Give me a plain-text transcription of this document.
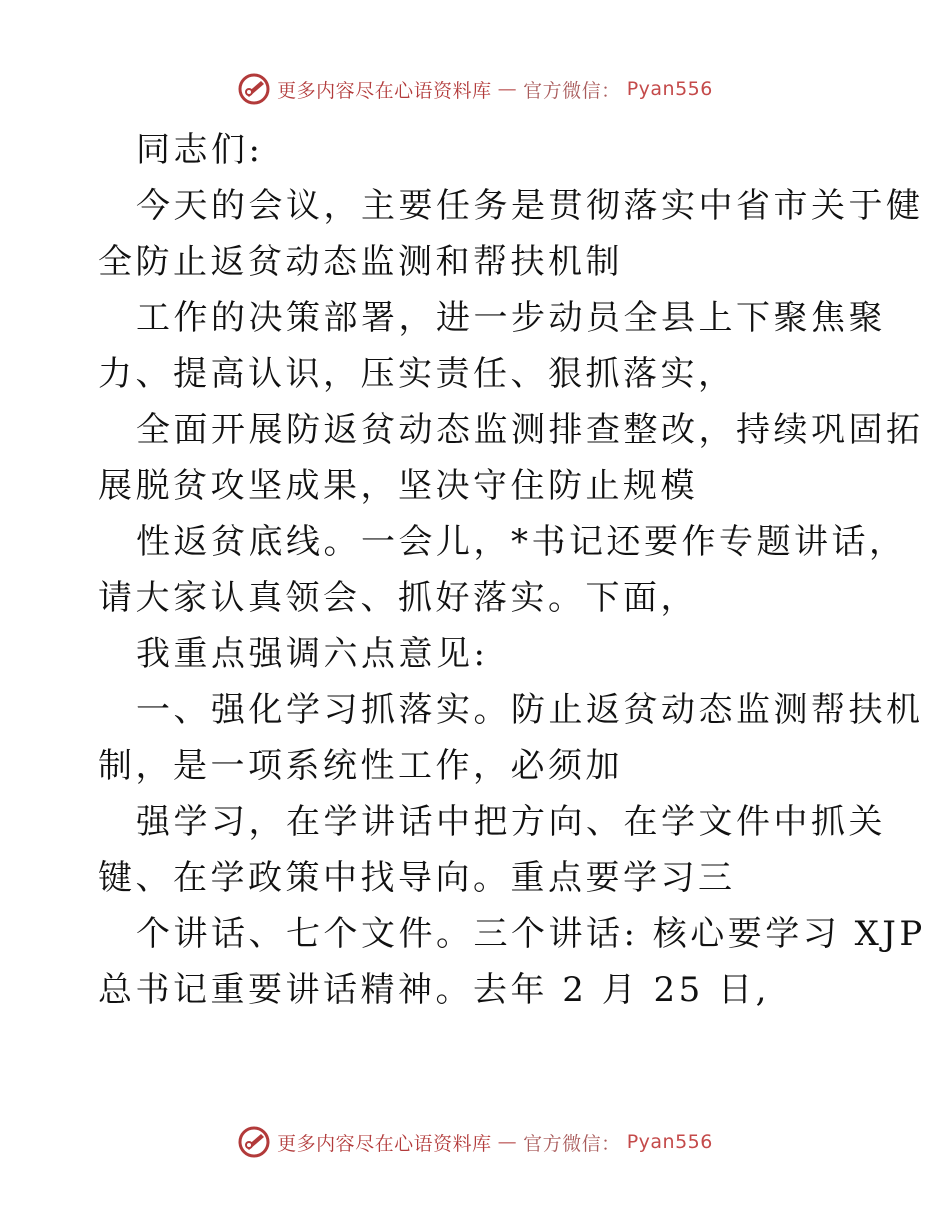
更多内容尽在心语资料库 — 官方微信： Pyan556
同志们:
今天的会议，主要任务是贯彻落实中省市关于健
全防止返贫动态监测和帮扶机制
工作的决策部署，进一步动员全县上下聚焦聚
力、提高认识，压实责任、狠抓落实，
全面开展防返贫动态监测排查整改，持续巩固拓
展脱贫攻坚成果，坚决守住防止规模
性返贫底线。一会儿，*书记还要作专题讲话，
请大家认真领会、抓好落实。下面，
我重点强调六点意见:
一、强化学习抓落实。防止返贫动态监测帮扶机
制，是一项系统性工作，必须加
强学习，在学讲话中把方向、在学文件中抓关
键、在学政策中找导向。重点要学习三
个讲话、七个文件。三个讲话: 核心要学习 XJP
总书记重要讲话精神。去年 2 月 25 日,
更多内容尽在心语资料库 — 官方微信： Pyan556
